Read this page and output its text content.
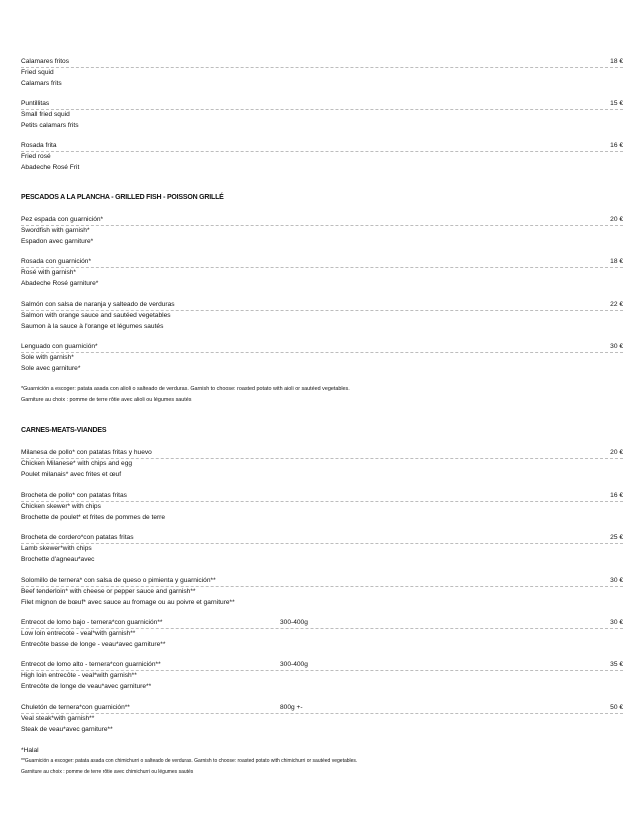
Calamares fritos	18 €
Fried squid
Calamars frits
Puntillitas	15 €
Small fried squid
Petits calamars frits
Rosada frita	16 €
Fried rosé
Abadeche Rosé Frit
PESCADOS A LA PLANCHA - GRILLED FISH - POISSON GRILLÉ
Pez espada con guarnición*	20 €
Swordfish with garnish*
Espadon avec garniture*
Rosada con guarnición*	18 €
Rosé with garnish*
Abadeche Rosé garniture*
Salmón con salsa de naranja y salteado de verduras	22 €
Salmon with orange sauce and sautéed vegetables
Saumon à la sauce à l'orange et légumes sautés
Lenguado con guarnición*	30 €
Sole with garnish*
Sole avec garniture*
*Guarnición a escoger: patata asada con alioli o salteado de verduras. Garnish to choose: roasted potato with aioli or sautéed vegetables.
Garniture au choix : pomme de terre rôtie avec alioli ou légumes sautés
CARNES-MEATS-VIANDES
Milanesa de pollo* con patatas fritas y huevo	20 €
Chicken Milanese* with chips and egg
Poulet milanais* avec frites et œuf
Brocheta de pollo* con patatas fritas	16 €
Chicken skewer* with chips
Brochette de poulet* et frites de pommes de terre
Brocheta de cordero*con patatas fritas	25 €
Lamb skewer*with chips
Brochette d'agneau*avec
Solomillo de ternera* con salsa de queso o pimienta y guarnición**	30 €
Beef tenderloin* with cheese or pepper sauce and garnish**
Filet mignon de bœuf* avec sauce au fromage ou au poivre et garniture**
Entrecot de lomo bajo - ternera*con guarnición**	300-400g	30 €
Low loin entrecote - veal*with garnish**
Entrecôte basse de longe - veau*avec garniture**
Entrecot de lomo alto - ternera*con guarnición**	300-400g	35 €
High loin entrecôte - veal*with garnish**
Entrecôte de longe de veau*avec garniture**
Chuletón de ternera*con guarnición**	800g +-	50 €
Veal steak*with garnish**
Steak de veau*avec garniture**
*Halal
**Guarnición a escoger: patata asada con chimichurri o salteado de verduras. Garnish to choose: roasted potato with chimichurri or sautéed vegetables.
Garniture au choix : pomme de terre rôtie avec chimichurri ou légumes sautés
